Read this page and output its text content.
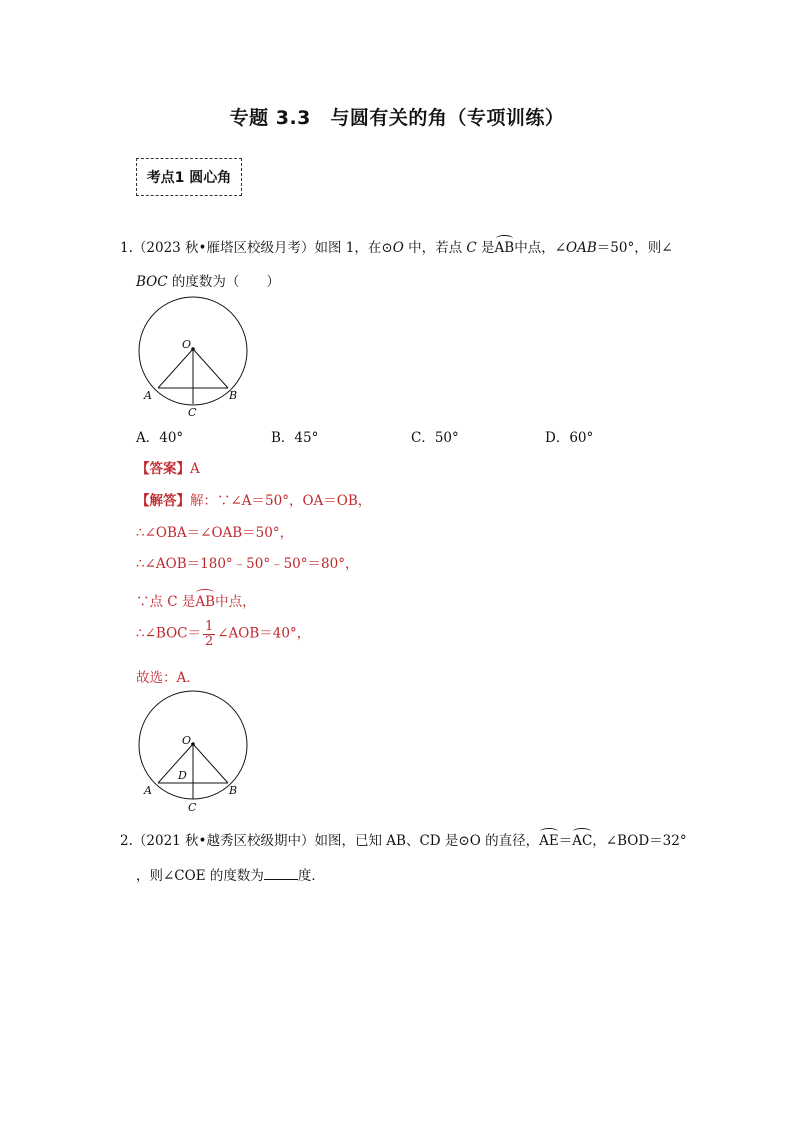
专题 3.3　与圆有关的角（专项训练）
考点1 圆心角
1.（2023 秋•雁塔区校级月考）如图 1，在⊙O 中，若点 C 是AB中点，∠OAB＝50°，则∠
BOC 的度数为（　　）
O
A	B
C
A．40°	B．45°	C．50°	D．60°
【答案】A
【解答】解：∵∠A＝50°，OA＝OB，
∴∠OBA＝∠OAB＝50°，
∴∠AOB＝180°﹣50°﹣50°＝80°，
∵点 C 是AB中点，
∴∠BOC＝ $\frac{1}{2}$ ∠AOB＝40°，
故选：A．
O
D
A	B
C
2.（2021 秋•越秀区校级期中）如图，已知 AB、CD 是⊙O 的直径，AE＝AC，∠BOD＝32°
，则∠COE 的度数为	度．
